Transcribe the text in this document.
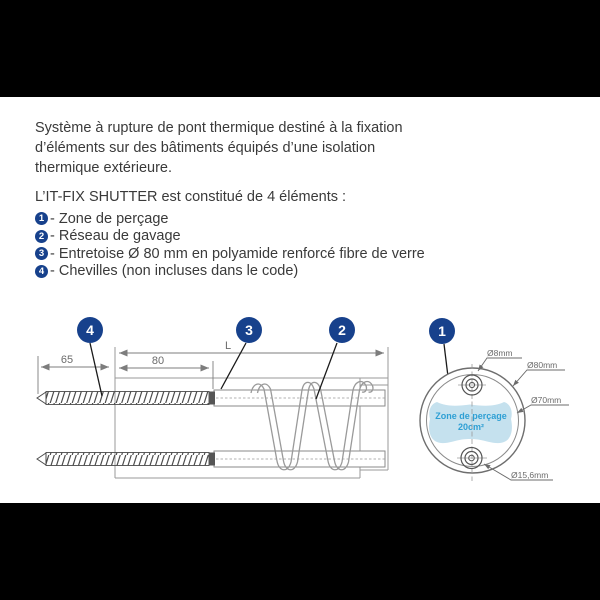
Système à rupture de pont thermique destiné à la fixation
d’éléments sur des bâtiments équipés d’une isolation
thermique extérieure.
L’IT-FIX SHUTTER est constitué de 4 éléments :
1 - Zone de perçage
2 - Réseau de gavage
3 - Entretoise Ø 80 mm en polyamide renforcé fibre de verre
4 - Chevilles (non incluses dans le code)
65	80
L
4	3	2	1
Zone de perçage
20cm²
Ø8mm
Ø80mm
Ø70mm
Ø15,6mm
